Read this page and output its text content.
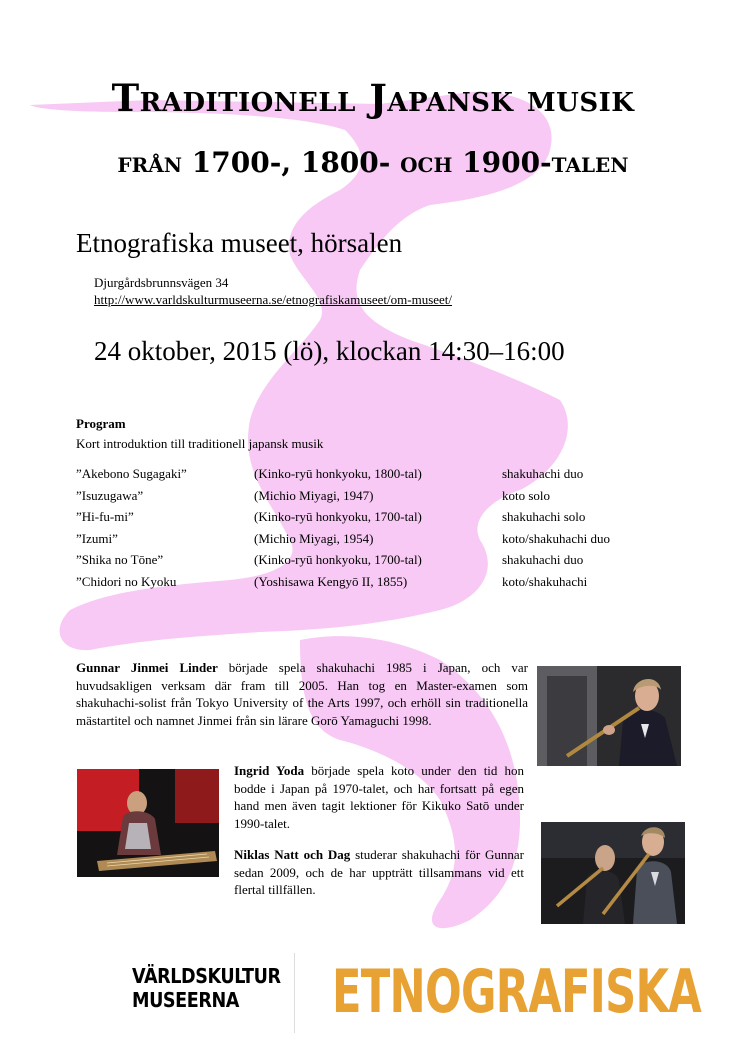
Traditionell Japansk musik
från 1700-, 1800- och 1900-talen
Etnografiska museet, hörsalen
Djurgårdsbrunnsvägen 34
http://www.varldskulturmuseerna.se/etnografiskamuseet/om-museet/
24 oktober, 2015 (lö), klockan 14:30–16:00
Program
Kort introduktion till traditionell japansk musik
”Akebono Sugagaki”	(Kinko-ryū honkyoku, 1800-tal)	shakuhachi duo
”Isuzugawa”	(Michio Miyagi, 1947)	koto solo
”Hi-fu-mi”	(Kinko-ryū honkyoku, 1700-tal)	shakuhachi solo
”Izumi”	(Michio Miyagi, 1954)	koto/shakuhachi duo
”Shika no Tōne”	(Kinko-ryū honkyoku, 1700-tal)	shakuhachi duo
”Chidori no Kyoku	(Yoshisawa Kengyō II, 1855)	koto/shakuhachi
Gunnar Jinmei Linder började spela shakuhachi 1985 i Japan, och var huvudsakligen verksam där fram till 2005. Han tog en Master-examen som shakuhachi-solist från Tokyo University of the Arts 1997, och erhöll sin traditionella mästartitel och namnet Jinmei från sin lärare Gorō Yamaguchi 1998.
Ingrid Yoda började spela koto under den tid hon bodde i Japan på 1970-talet, och har fortsatt på egen hand men även tagit lektioner för Kikuko Satō under 1990-talet.
Niklas Natt och Dag studerar shakuhachi för Gunnar sedan 2009, och de har uppträtt tillsammans vid ett flertal tillfällen.
VÄRLDSKULTUR
MUSEERNA ETNOGRAFISKA
